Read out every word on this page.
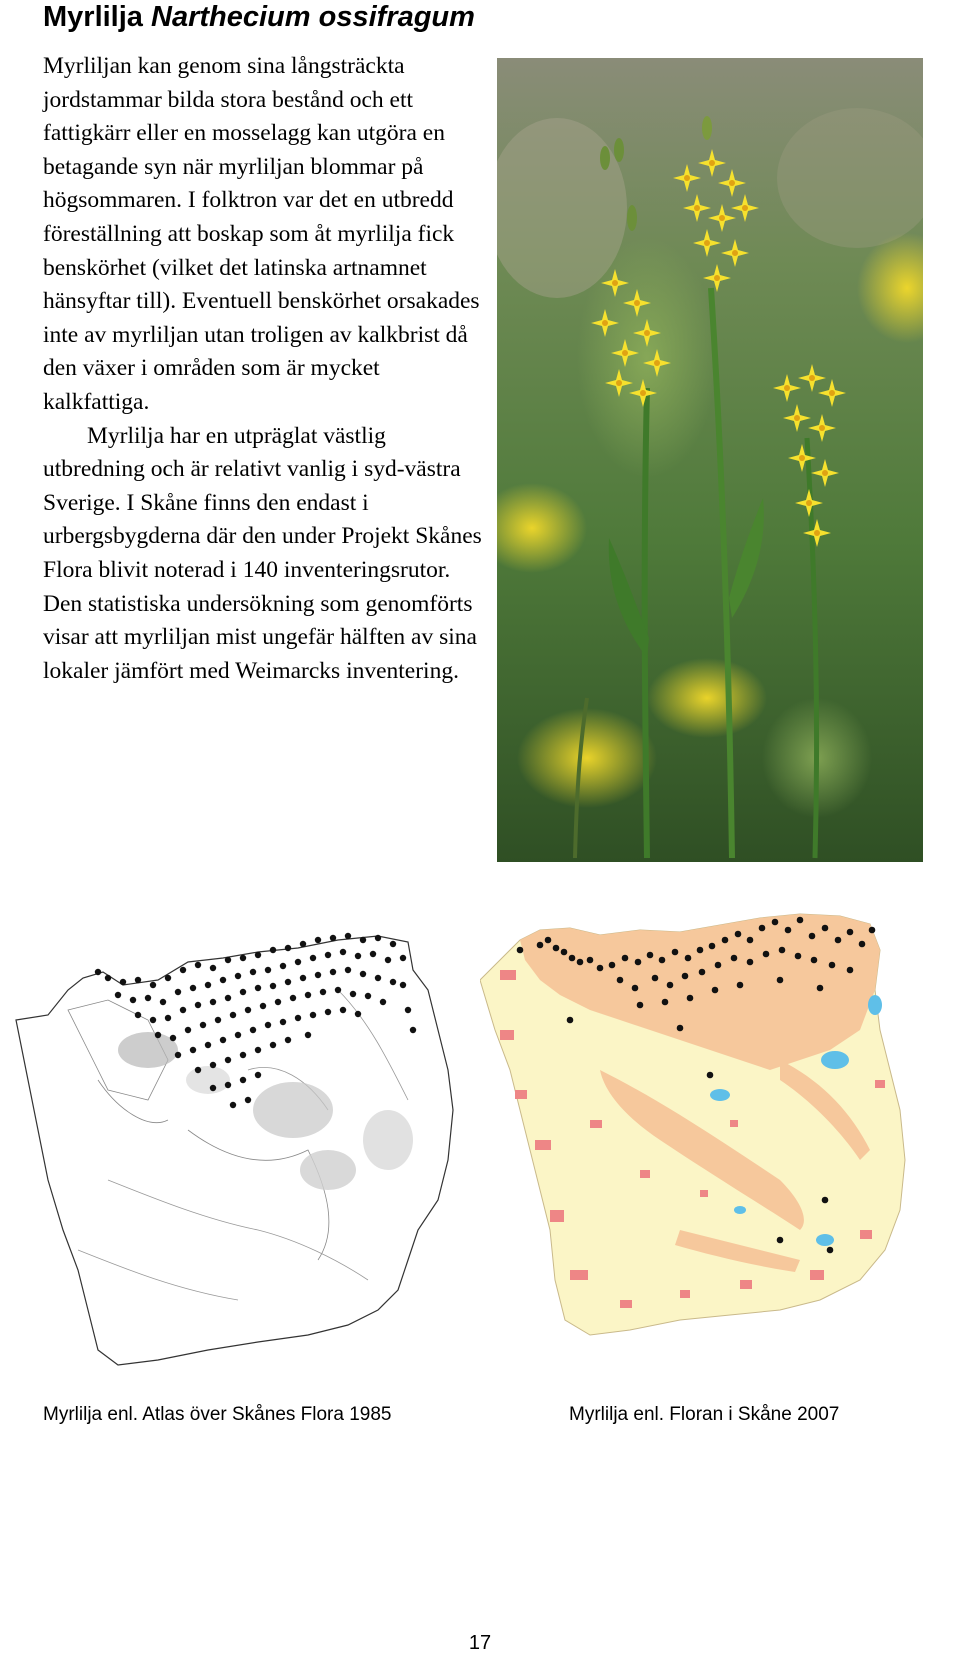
Myrlilja Narthecium ossifragum

Myrliljan kan genom sina långsträckta jordstammar bilda stora bestånd och ett fattigkärr eller en mosselagg kan utgöra en betagande syn när myrliljan blommar på högsommaren. I folktron var det en utbredd föreställning att boskap som åt myrlilja fick benskörhet (vilket det latinska artnamnet hänsyftar till). Eventuell benskörhet orsakades inte av myrliljan utan troligen av kalkbrist då den växer i områden som är mycket kalkfattiga.

Myrlilja har en utpräglat västlig utbredning och är relativt vanlig i syd-västra Sverige. I Skåne finns den endast i urbergsbygderna där den under Projekt Skånes Flora blivit noterad i 140 inventeringsrutor. Den statistiska undersökning som genomförts visar att myrliljan mist ungefär hälften av sina lokaler jämfört med Weimarcks inventering.

Myrlilja enl. Atlas över Skånes Flora 1985	Myrlilja enl. Floran i Skåne 2007
17
